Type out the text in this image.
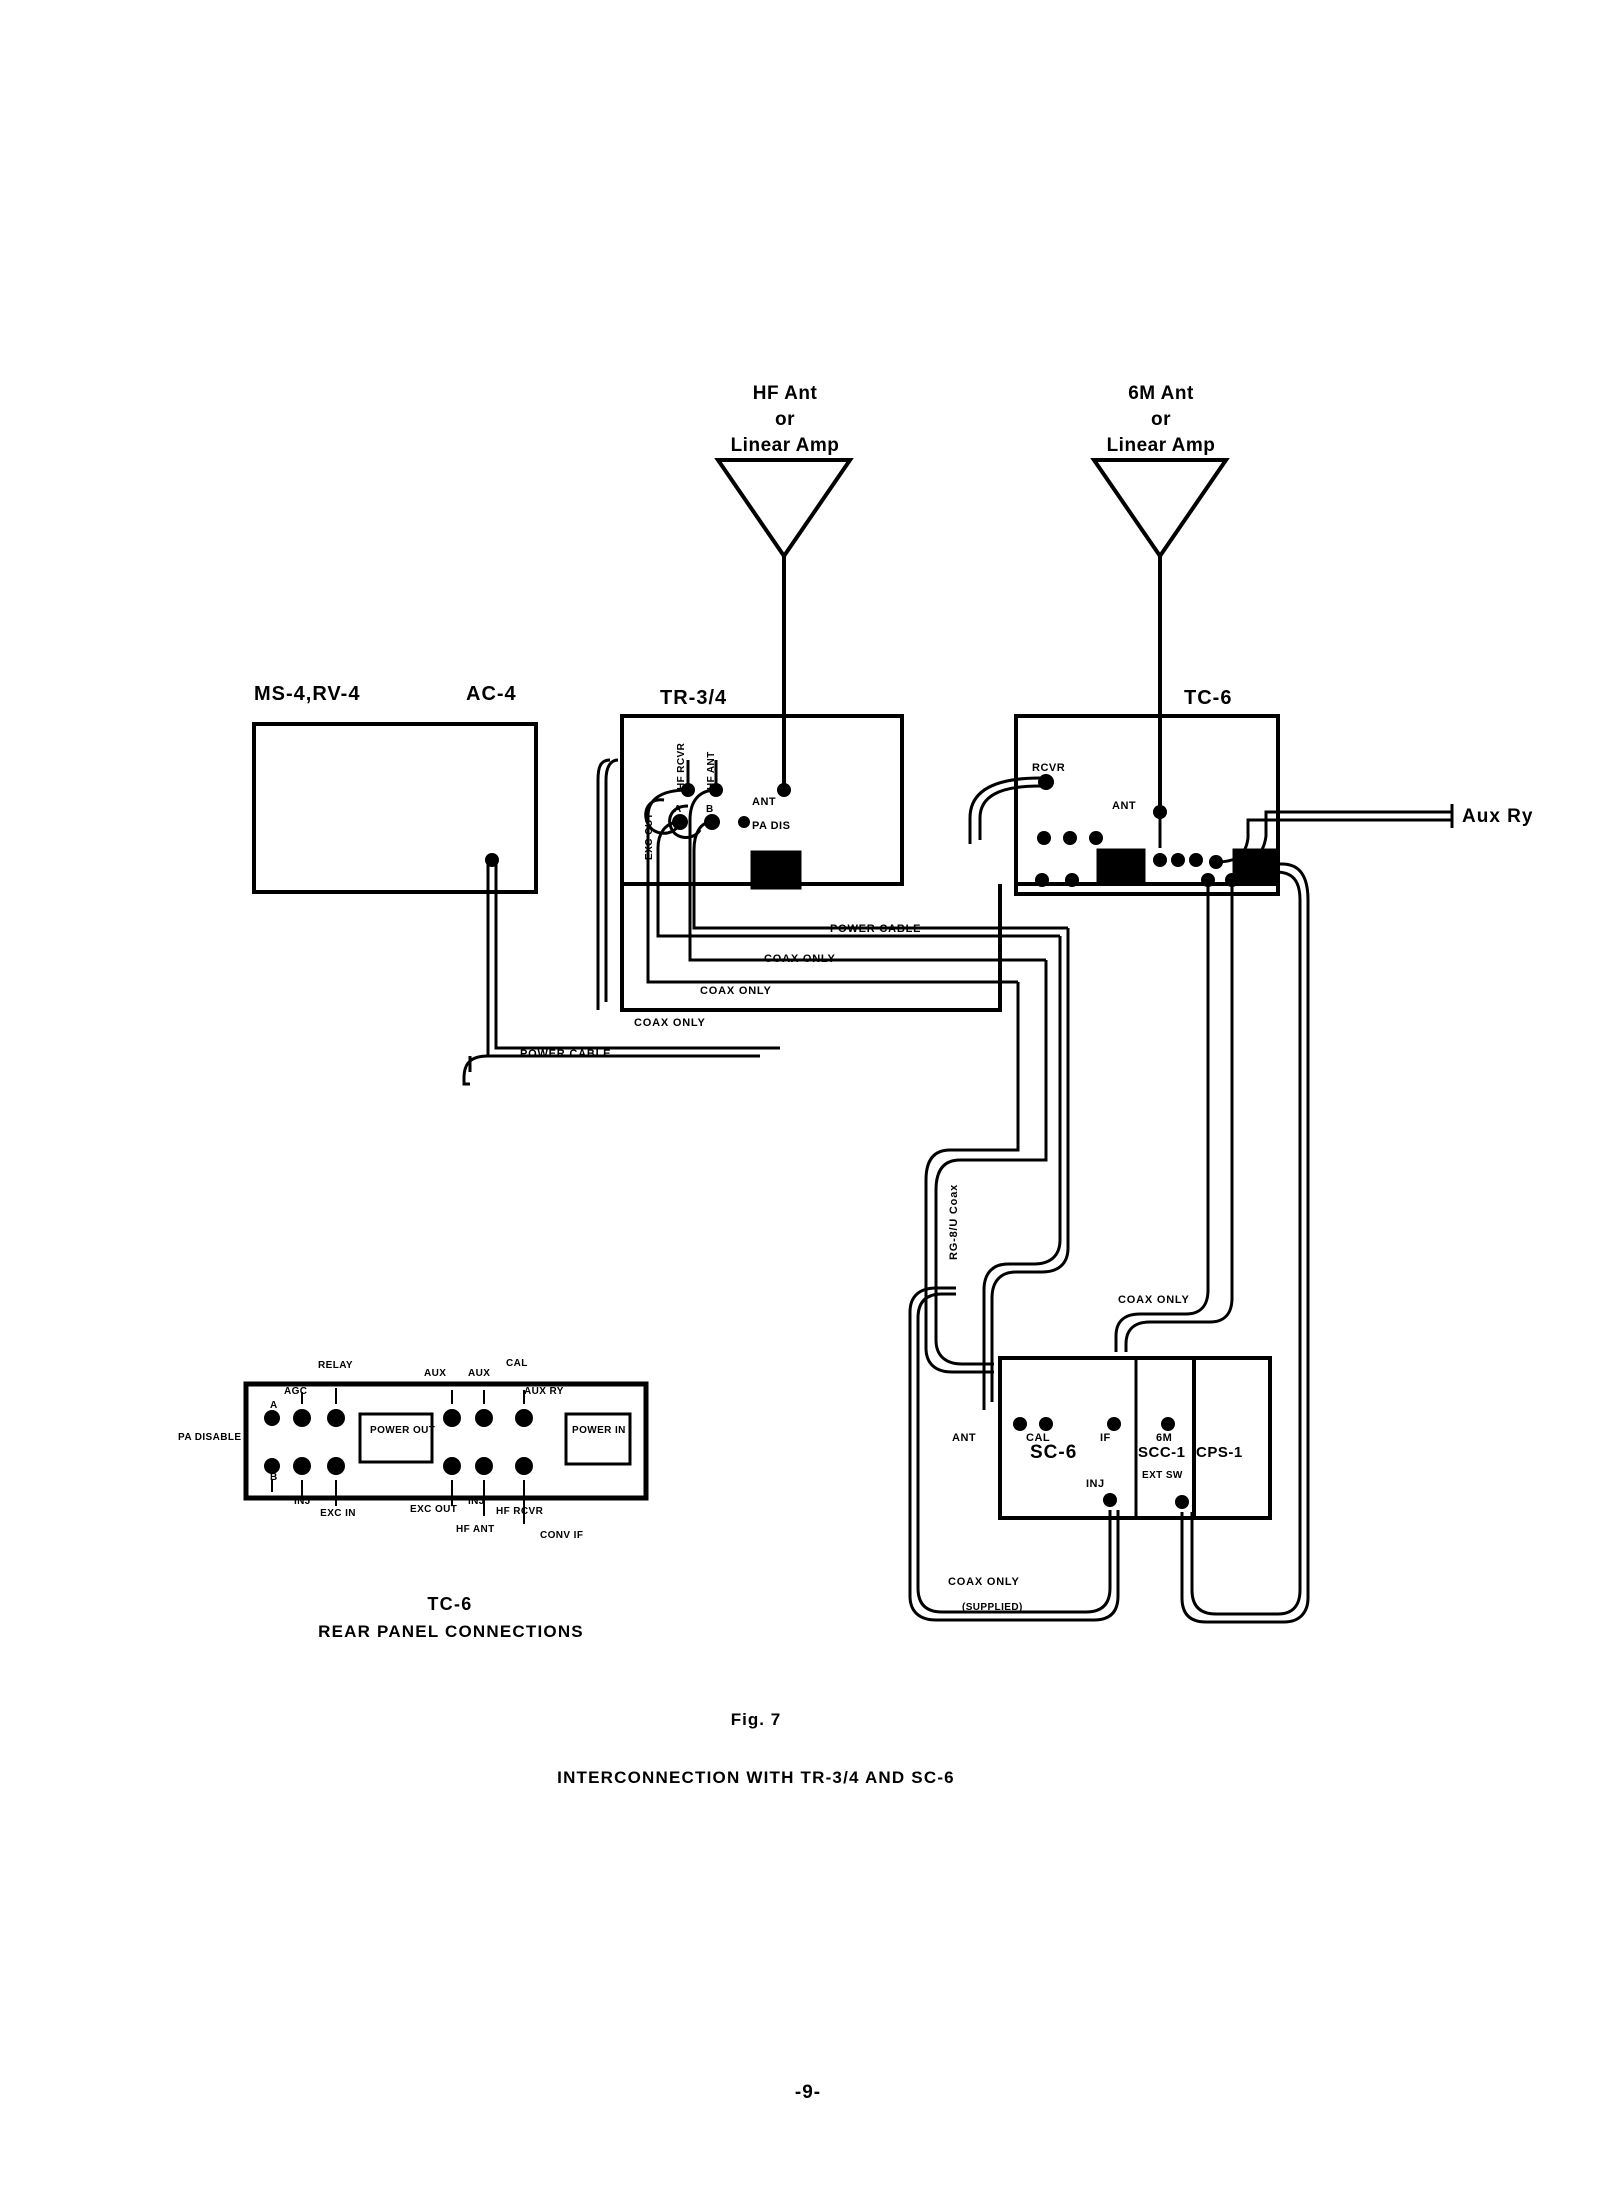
HF Ant
or
Linear Amp
6M Ant
or
Linear Amp
MS-4,RV-4	AC-4	TR-3/4	TC-6
SC-6	SCC-1 CPS-1
HF RCVR HF ANT
EXC OUT
A B
ANT
PA DIS
RCVR
ANT	Aux Ry
POWER CABLE
COAX ONLY
COAX ONLY
COAX ONLY
POWER CABLE
COAX ONLY
COAX ONLY
(SUPPLIED)
RG-8/U Coax
ANT	CAL	IF	6M
INJ
EXT SW
AGC
RELAY
AUX AUX
CAL
AUX RY
PA DISABLE
A
B
INJ
EXC IN	EXC OUT
INJ
HF ANT
HF RCVR
CONV IF
POWER OUT	POWER IN
TC-6
REAR PANEL CONNECTIONS
Fig. 7
INTERCONNECTION WITH TR-3/4 AND SC-6
-9-
